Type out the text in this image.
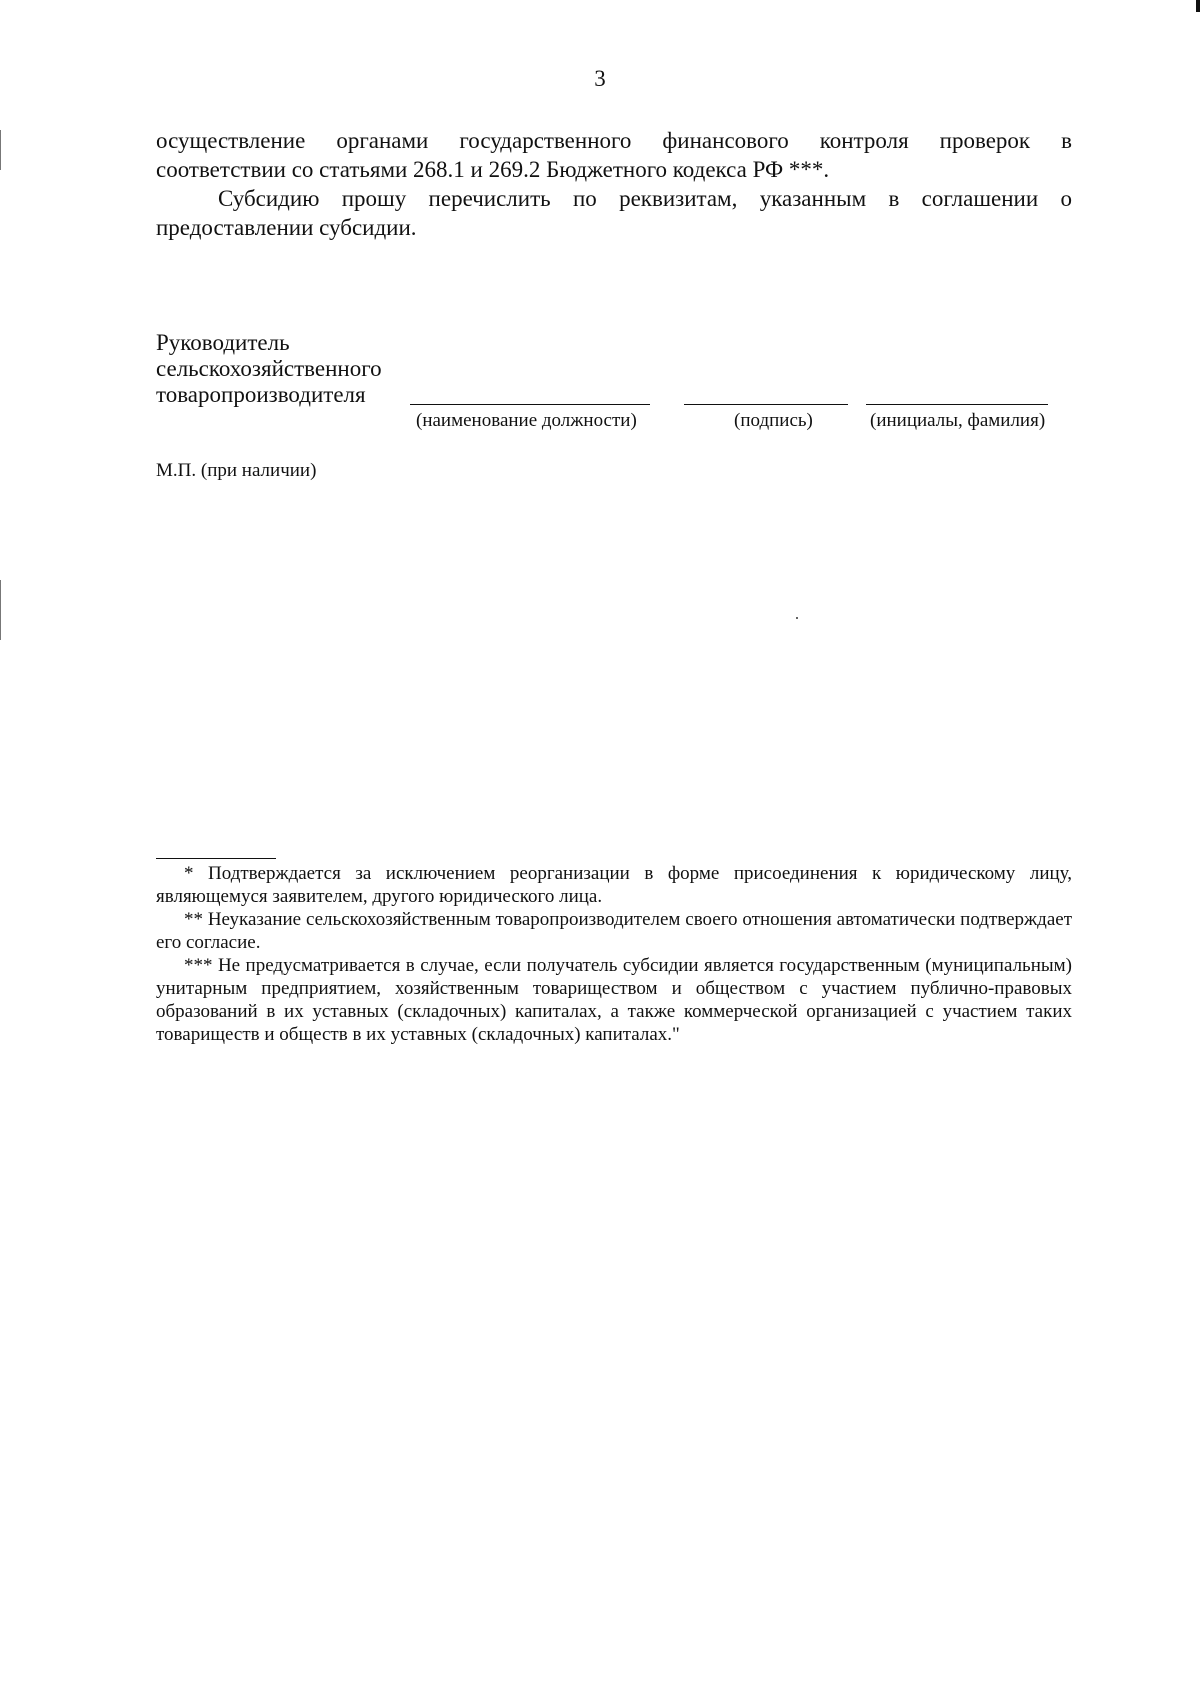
3
осуществление органами государственного финансового контроля проверок в
соответствии со статьями 268.1 и 269.2 Бюджетного кодекса РФ ***.

Субсидию прошу перечислить по реквизитам, указанным в соглашении о предоставлении субсидии.

Руководитель
сельскохозяйственного
товаропроизводителя
(наименование должности)	(подпись)	(инициалы, фамилия)
М.П. (при наличии)

* Подтверждается за исключением реорганизации в форме присоединения к юридическому лицу, являющемуся заявителем, другого юридического лица.

** Неуказание сельскохозяйственным товаропроизводителем своего отношения автоматически подтверждает его согласие.

*** Не предусматривается в случае, если получатель субсидии является государственным (муниципальным) унитарным предприятием, хозяйственным товариществом и обществом с участием публично-правовых образований в их уставных (складочных) капиталах, а также коммерческой организацией с участием таких товариществ и обществ в их уставных (складочных) капиталах."
